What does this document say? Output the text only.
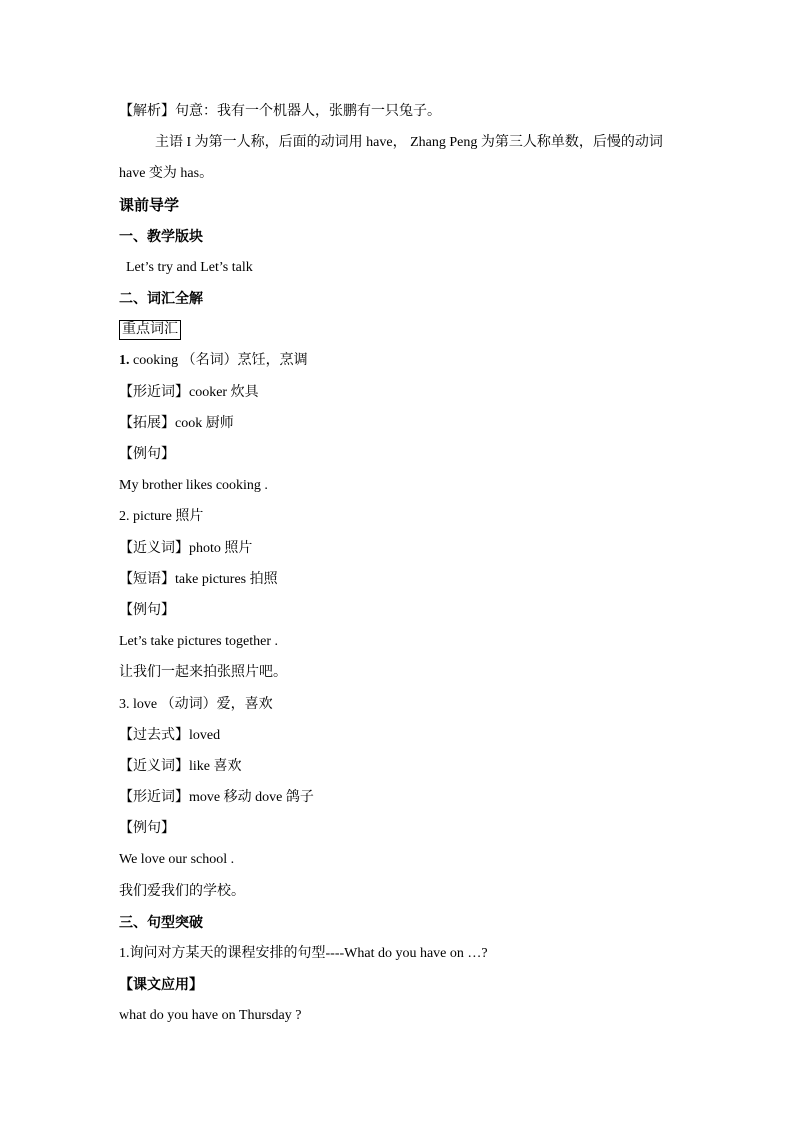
【解析】句意：我有一个机器人，张鹏有一只兔子。
主语 I 为第一人称，后面的动词用 have， Zhang Peng 为第三人称单数，后慢的动词
have 变为 has。
课前导学
一、教学版块
Let’s try and Let’s talk
二、词汇全解
重点词汇
1. cooking （名词）烹饪，烹调
【形近词】cooker 炊具
【拓展】cook 厨师
【例句】
My brother likes cooking .
2. picture 照片
【近义词】photo 照片
【短语】take pictures 拍照
【例句】
Let’s take pictures together .
让我们一起来拍张照片吧。
3. love （动词）爱，喜欢
【过去式】loved
【近义词】like 喜欢
【形近词】move 移动 dove 鸽子
【例句】
We love our school .
我们爱我们的学校。
三、句型突破
1.询问对方某天的课程安排的句型----What do you have on …?
【课文应用】
what do you have on Thursday ?
